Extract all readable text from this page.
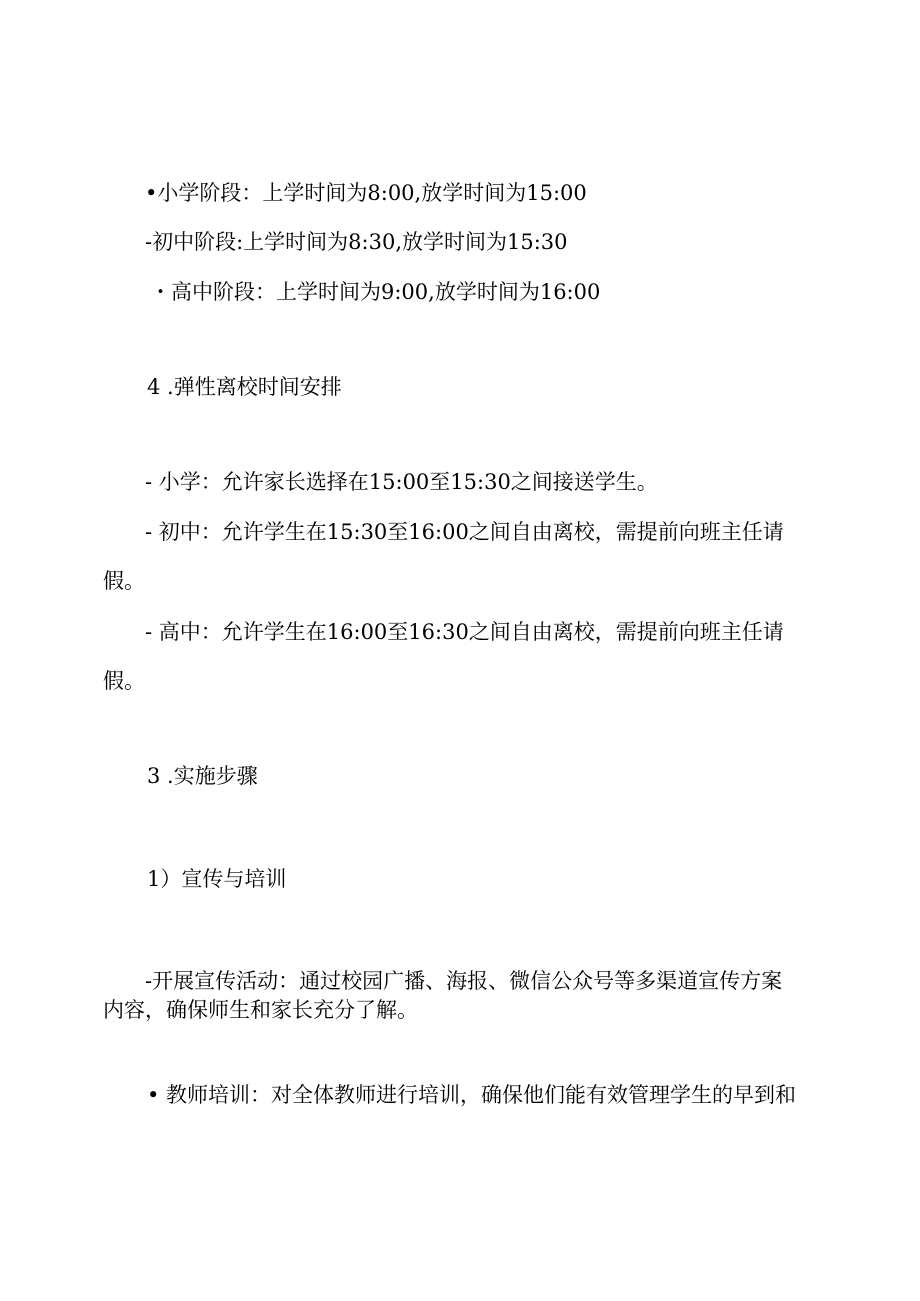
•小学阶段：上学时间为8:00,放学时间为15:00

-初中阶段:上学时间为8:30,放学时间为15:30

・高中阶段：上学时间为9:00,放学时间为16:00

4 .弹性离校时间安排

- 小学：允许家长选择在15:00至15:30之间接送学生。

- 初中：允许学生在15:30至16:00之间自由离校，需提前向班主任请

假。

- 高中：允许学生在16:00至16:30之间自由离校，需提前向班主任请

假。

3 .实施步骤

1）宣传与培训

-开展宣传活动：通过校园广播、海报、微信公众号等多渠道宣传方案

内容，确保师生和家长充分了解。

• 教师培训：对全体教师进行培训，确保他们能有效管理学生的早到和
